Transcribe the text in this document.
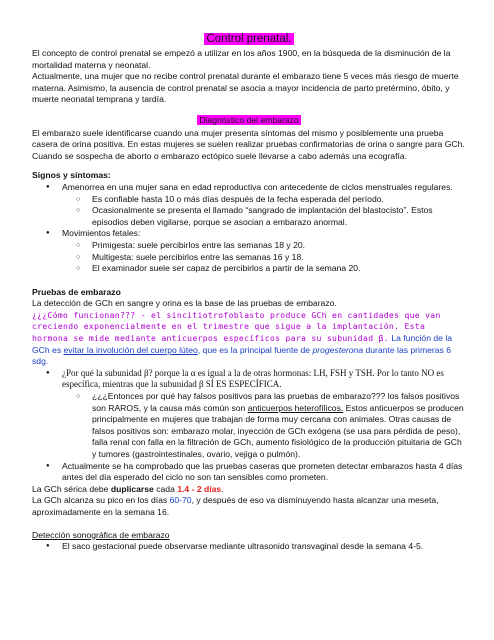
Control prenatal.

El concepto de control prenatal se empezó a utilizar en los años 1900, en la búsqueda de la disminución de la mortalidad materna y neonatal.

Actualmente, una mujer que no recibe control prenatal durante el embarazo tiene 5 veces más riesgo de muerte materna. Asimismo, la ausencia de control prenatal se asocia a mayor incidencia de parto pretérmino, óbito, y muerte neonatal temprana y tardía.

Diagnóstico del embarazo

El embarazo suele identificarse cuando una mujer presenta síntomas del mismo y posiblemente una prueba casera de orina positiva. En estas mujeres se suelen realizar pruebas confirmatorias de orina o sangre para GCh. Cuando se sospecha de aborto o embarazo ectópico suele llevarse a cabo además una ecografía.

Signos y síntomas:

● Amenorrea en una mujer sana en edad reproductiva con antecedente de ciclos menstruales regulares.
○ Es confiable hasta 10 o más días después de la fecha esperada del período.
○ Ocasionalmente se presenta el llamado “sangrado de implantación del blastocisto”. Estos episodios deben vigilarse, porque se asocian a embarazo anormal.
● Movimientos fetales:
○ Primigesta: suele percibirlos entre las semanas 18 y 20.
○ Multigesta: suele percibirlos entre las semanas 16 y 18.
○ El examinador suele ser capaz de percibirlos a partir de la semana 20.

Pruebas de embarazo

La detección de GCh en sangre y orina es la base de las pruebas de embarazo.

¿¿¿Cómo funcionan??? - el sincitiotrofoblasto produce GCh en cantidades que van creciendo exponencialmente en el trimestre que sigue a la implantación. Esta hormona se mide mediante anticuerpos específicos para su subunidad β. La función de la GCh es evitar la involución del cuerpo lúteo, que es la principal fuente de progesterona durante las primeras 6 sdg.

● ¿Por qué la subunidad β? porque la α es igual a la de otras hormonas: LH, FSH y TSH. Por lo tanto NO es específica, mientras que la subunidad β SÍ ES ESPECÍFICA.
○ ¿¿¿Entonces por qué hay falsos positivos para las pruebas de embarazo??? los falsos positivos son RAROS, y la causa más común son anticuerpos heterofílicos. Estos anticuerpos se producen principalmente en mujeres que trabajan de forma muy cercana con animales. Otras causas de falsos positivos son: embarazo molar, inyección de GCh exógena (se usa para pérdida de peso), falla renal con falla en la filtración de GCh, aumento fisiológico de la producción pituitaria de GCh y tumores (gastrointestinales, ovario, vejiga o pulmón).
● Actualmente se ha comprobado que las pruebas caseras que prometen detectar embarazos hasta 4 días antes del día esperado del ciclo no son tan sensibles como prometen.

La GCh sérica debe duplicarse cada 1.4 - 2 días.

La GCh alcanza su pico en los días 60-70, y después de eso va disminuyendo hasta alcanzar una meseta, aproximadamente en la semana 16.

Detección sonográfica de embarazo

● El saco gestacional puede observarse mediante ultrasonido transvaginal desde la semana 4-5.
